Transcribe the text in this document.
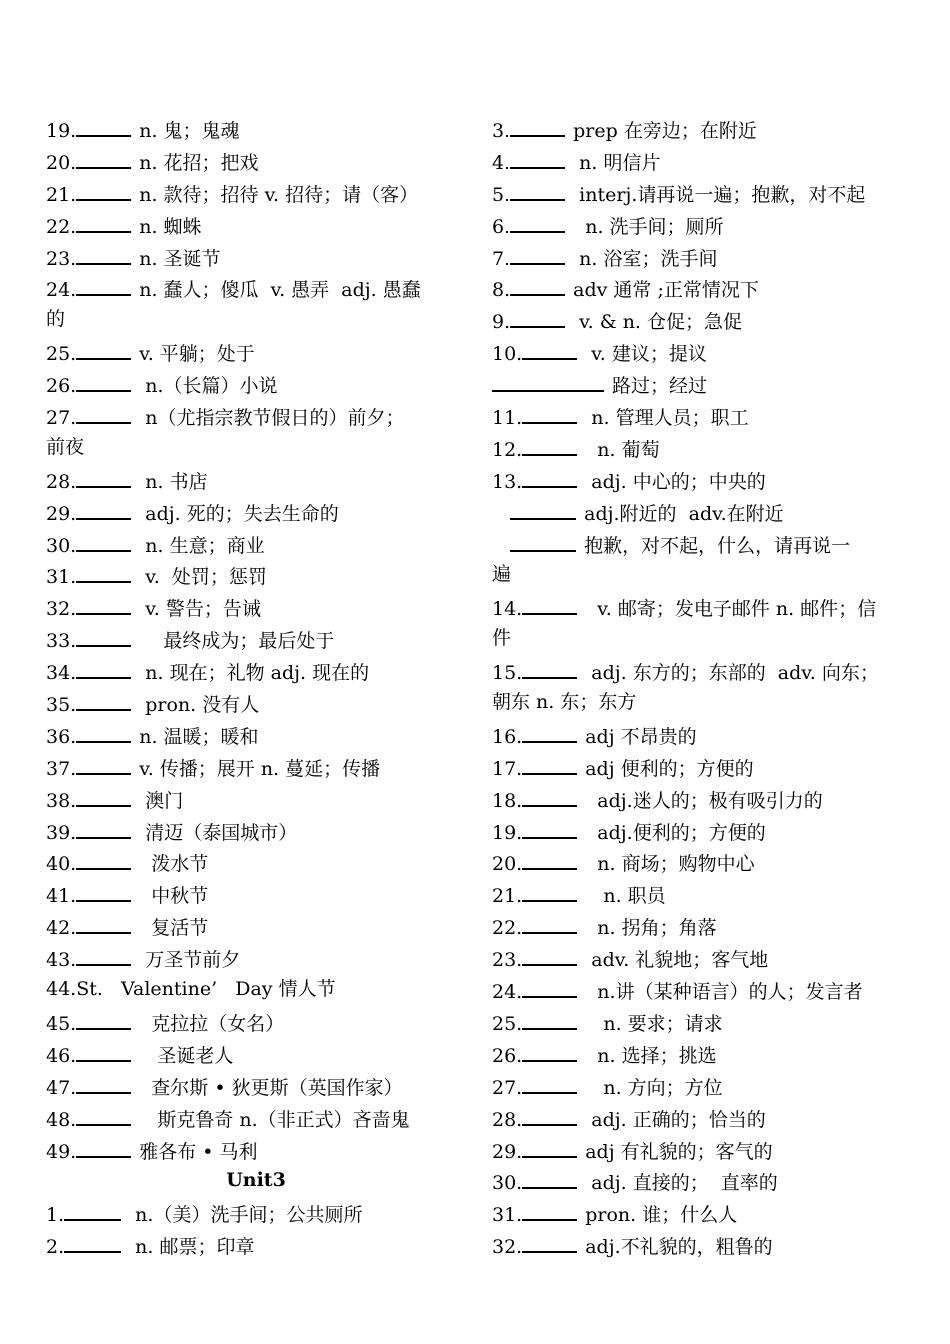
19.	n. 鬼；鬼魂
20.	n. 花招；把戏
21.	n. 款待；招待 v. 招待；请（客）
22.	n. 蜘蛛
23.	n. 圣诞节
24.	n. 蠢人；傻瓜  v. 愚弄  adj. 愚蠢
的
25.	v. 平躺；处于
26.	n.（长篇）小说
27.	n（尤指宗教节假日的）前夕；
前夜
28.	n. 书店
29.	adj. 死的；失去生命的
30.	n. 生意；商业
31.	v.  处罚；惩罚
32.	v. 警告；告诫
33.	最终成为；最后处于
34.	n. 现在；礼物 adj. 现在的
35.	pron. 没有人
36.	n. 温暖；暖和
37.	v. 传播；展开 n. 蔓延；传播
38.	澳门
39.	清迈（泰国城市）
40.	泼水节
41.	中秋节
42.	复活节
43.	万圣节前夕
44.St.   Valentine’   Day 情人节
45.	克拉拉（女名）
46.	圣诞老人
47.	查尔斯 • 狄更斯（英国作家）
48.	斯克鲁奇 n.（非正式）吝啬鬼
49.	雅各布 • 马利
Unit3
1.	n.（美）洗手间；公共厕所
2.	n. 邮票；印章
3.	prep 在旁边；在附近
4.	n. 明信片
5.	interj.请再说一遍；抱歉，对不起
6.	n. 洗手间；厕所
7.	n. 浴室；洗手间
8.	adv 通常 ;正常情况下
9.	v. & n. 仓促；急促
10.	v. 建议；提议
路过；经过
11.	n. 管理人员；职工
12.	n. 葡萄
13.	adj. 中心的；中央的
adj.附近的  adv.在附近
抱歉，对不起，什么，请再说一
遍
14.	v. 邮寄；发电子邮件 n. 邮件；信
件
15.	adj. 东方的；东部的  adv. 向东；
朝东 n. 东；东方
16.	adj 不昂贵的
17.	adj 便利的；方便的
18.	adj.迷人的；极有吸引力的
19.	adj.便利的；方便的
20.	n. 商场；购物中心
21.	n. 职员
22.	n. 拐角；角落
23.	adv. 礼貌地；客气地
24.	n.讲（某种语言）的人；发言者
25.	n. 要求；请求
26.	n. 选择；挑选
27.	n. 方向；方位
28.	adj. 正确的；恰当的
29.	adj 有礼貌的；客气的
30.	adj. 直接的；  直率的
31.	pron. 谁；什么人
32.	adj.不礼貌的，粗鲁的
